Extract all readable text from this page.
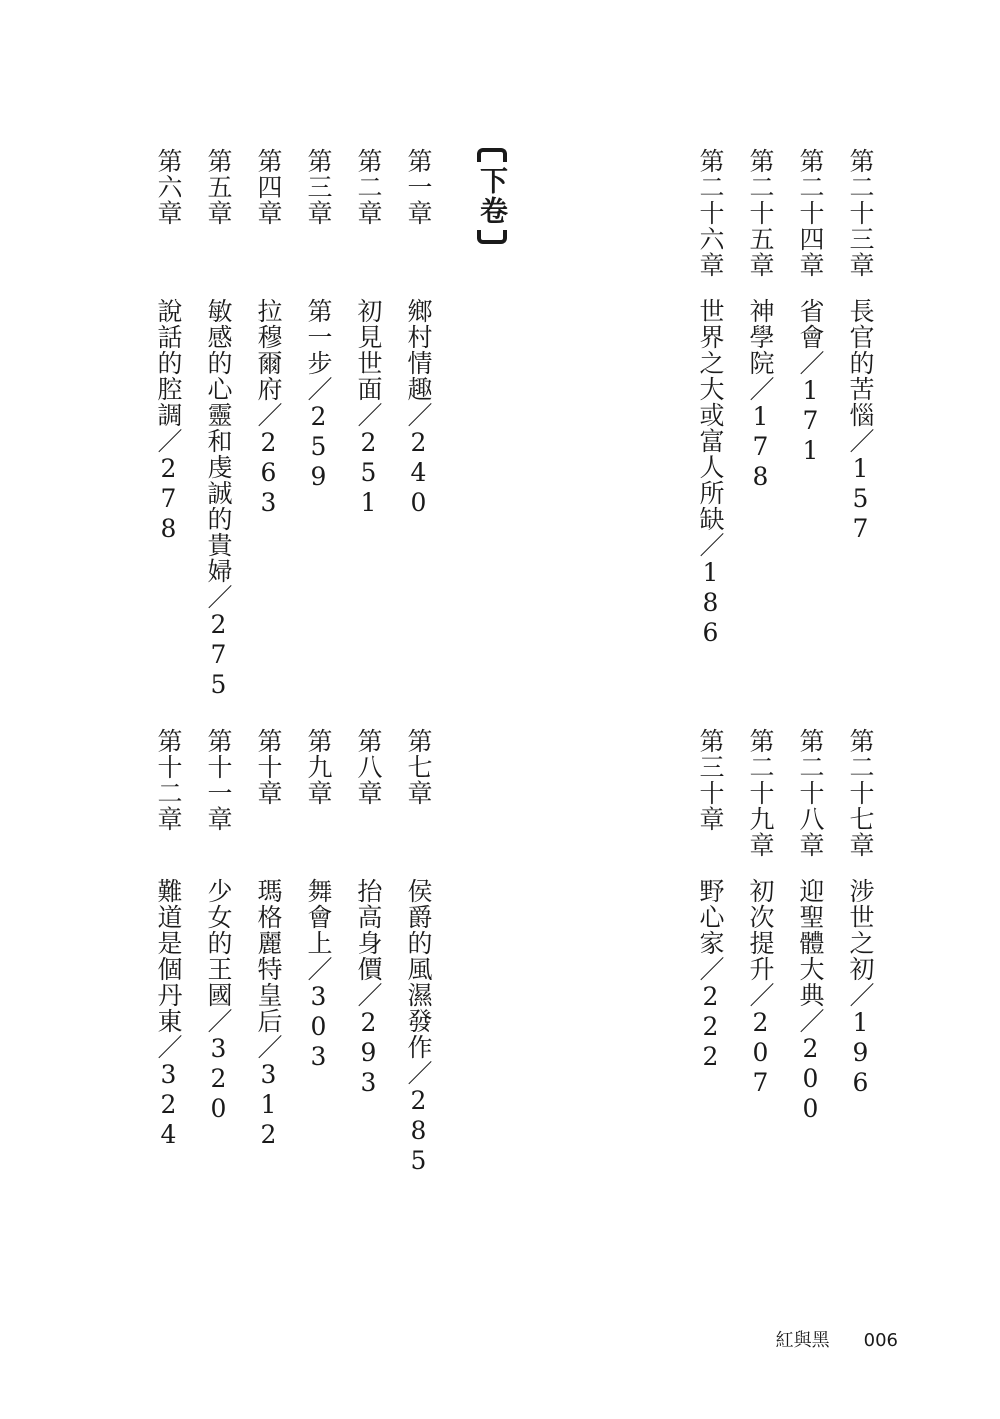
第二十三章
長官的苦惱／157
第二十四章
省會／171
第二十五章
神學院／178
第二十六章
世界之大或富人所缺／186
第二十七章
涉世之初／196
第二十八章
迎聖體大典／200
第二十九章
初次提升／207
第三十章
野心家／222
下卷
第一章
鄉村情趣／240
第二章
初見世面／251
第三章
第一步／259
第四章
拉穆爾府／263
第五章
敏感的心靈和虔誠的貴婦／275
第六章
說話的腔調／278
第七章
侯爵的風濕發作／285
第八章
抬高身價／293
第九章
舞會上／303
第十章
瑪格麗特皇后／312
第十一章
少女的王國／320
第十二章
難道是個丹東／324
紅與黑 006
